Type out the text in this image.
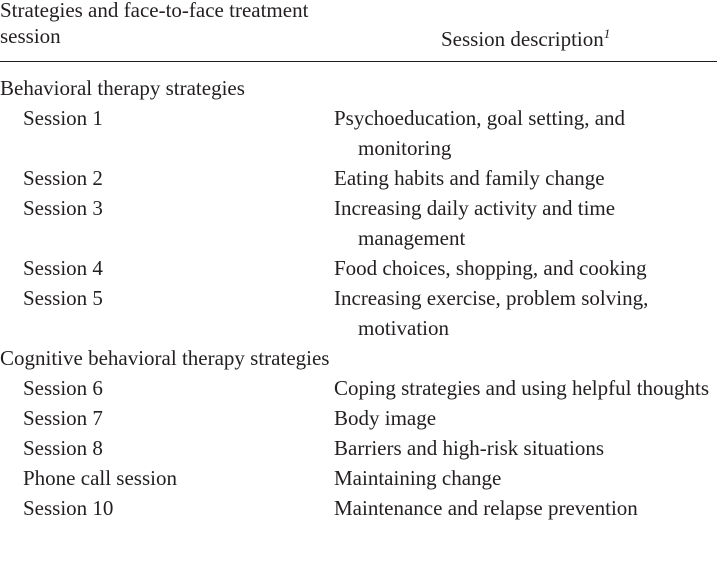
Strategies and face-to-face treatment session	Session description$^1$
Behavioral therapy strategies
Session 1	Psychoeducation, goal setting, and monitoring
Session 2	Eating habits and family change
Session 3	Increasing daily activity and time management
Session 4	Food choices, shopping, and cooking
Session 5	Increasing exercise, problem solving, motivation
Cognitive behavioral therapy strategies
Session 6	Coping strategies and using helpful thoughts
Session 7	Body image
Session 8	Barriers and high-risk situations
Phone call session	Maintaining change
Session 10	Maintenance and relapse prevention
